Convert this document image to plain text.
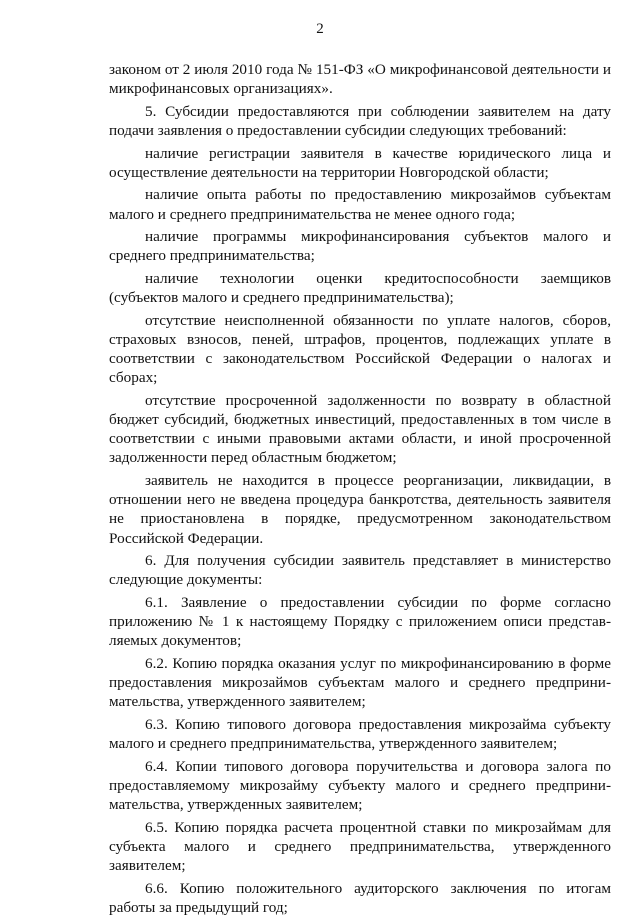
2

законом от 2 июля 2010 года № 151-ФЗ «О микрофинансовой деятельности и микрофинансовых организациях».

5. Субсидии предоставляются при соблюдении заявителем на дату подачи заявления о предоставлении субсидии следующих требований:

наличие регистрации заявителя в качестве юридического лица и осуществление деятельности на территории Новгородской области;

наличие опыта работы по предоставлению микрозаймов субъектам малого и среднего предпринимательства не менее одного года;

наличие программы микрофинансирования субъектов малого и среднего предпринимательства;

наличие технологии оценки кредитоспособности заемщиков (субъектов малого и среднего предпринимательства);

отсутствие неисполненной обязанности по уплате налогов, сборов, страховых взносов, пеней, штрафов, процентов, подлежащих уплате в соответствии с законодательством Российской Федерации о налогах и сборах;

отсутствие просроченной задолженности по возврату в областной бюджет субсидий, бюджетных инвестиций, предоставленных в том числе в соответствии с иными правовыми актами области, и иной просроченной задолженности перед областным бюджетом;

заявитель не находится в процессе реорганизации, ликвидации, в отношении него не введена процедура банкротства, деятельность заявителя не приостановлена в порядке, предусмотренном законодательством Российской Федерации.

6. Для получения субсидии заявитель представляет в министерство следующие документы:

6.1. Заявление о предоставлении субсидии по форме согласно приложению № 1 к настоящему Порядку с приложением описи представляемых документов;

6.2. Копию порядка оказания услуг по микрофинансированию в форме предоставления микрозаймов субъектам малого и среднего предпринимательства, утвержденного заявителем;

6.3. Копию типового договора предоставления микрозайма субъекту малого и среднего предпринимательства, утвержденного заявителем;

6.4. Копии типового договора поручительства и договора залога по предоставляемому микрозайму субъекту малого и среднего предпринимательства, утвержденных заявителем;

6.5. Копию порядка расчета процентной ставки по микрозаймам для субъекта малого и среднего предпринимательства, утвержденного заявителем;

6.6. Копию положительного аудиторского заключения по итогам работы за предыдущий год;
